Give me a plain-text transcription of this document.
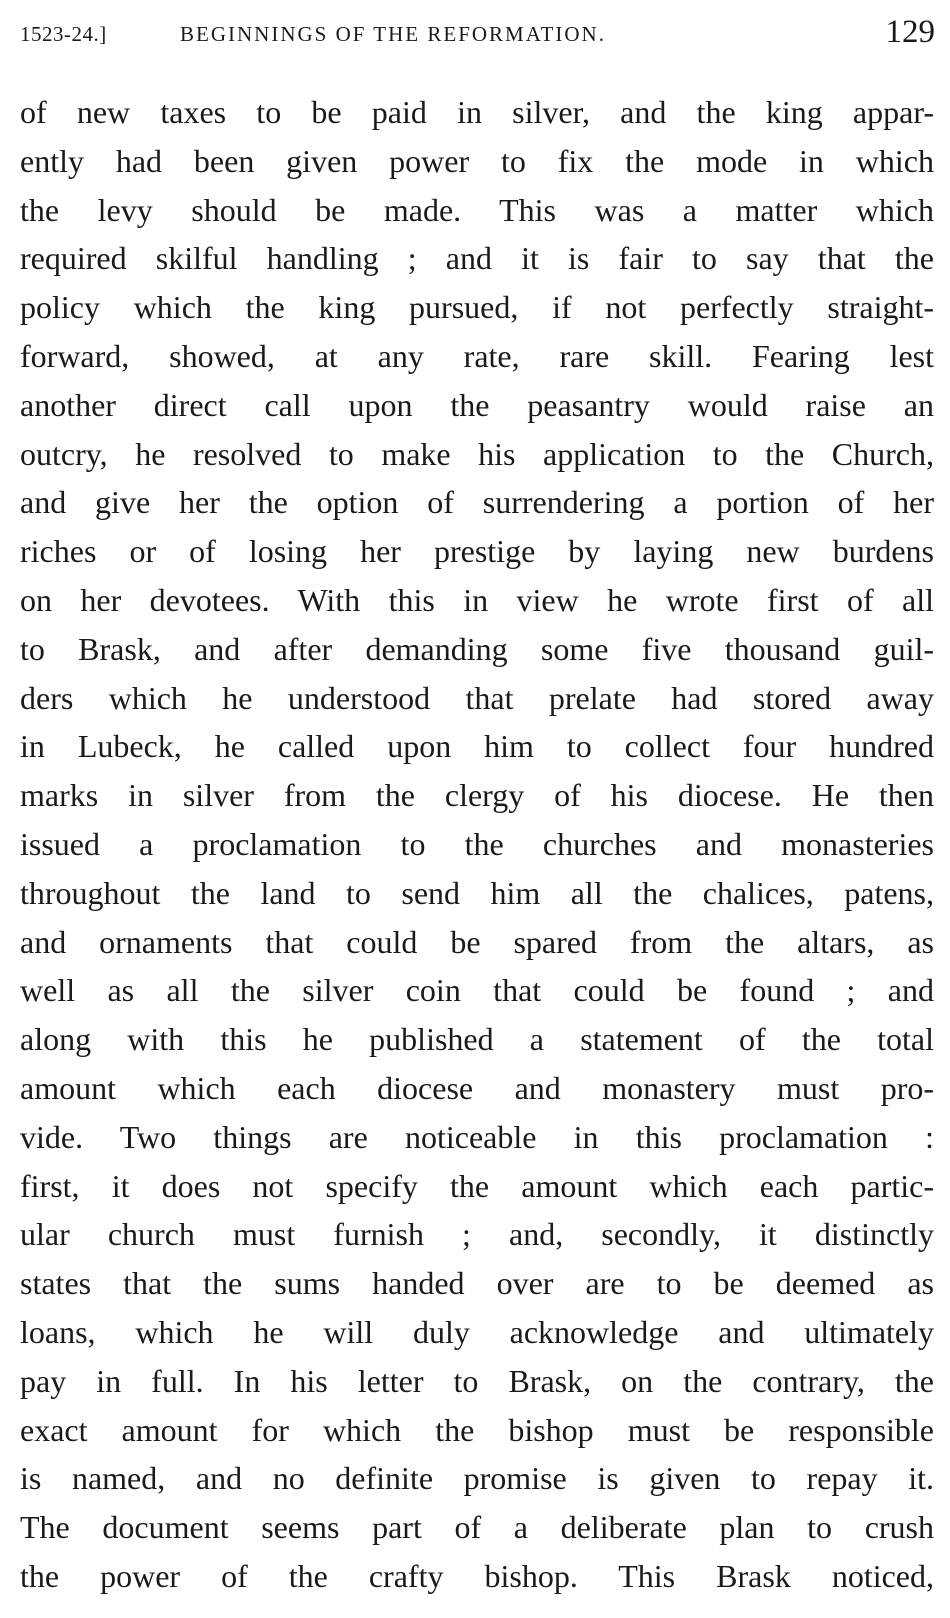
1523-24.]	BEGINNINGS OF THE REFORMATION.	129
of new taxes to be paid in silver, and the king appar-
ently had been given power to fix the mode in which
the levy should be made. This was a matter which
required skilful handling ; and it is fair to say that the
policy which the king pursued, if not perfectly straight-
forward, showed, at any rate, rare skill. Fearing lest
another direct call upon the peasantry would raise an
outcry, he resolved to make his application to the Church,
and give her the option of surrendering a portion of her
riches or of losing her prestige by laying new burdens
on her devotees. With this in view he wrote first of all
to Brask, and after demanding some five thousand guil-
ders which he understood that prelate had stored away
in Lubeck, he called upon him to collect four hundred
marks in silver from the clergy of his diocese. He then
issued a proclamation to the churches and monasteries
throughout the land to send him all the chalices, patens,
and ornaments that could be spared from the altars, as
well as all the silver coin that could be found ; and
along with this he published a statement of the total
amount which each diocese and monastery must pro-
vide. Two things are noticeable in this proclamation :
first, it does not specify the amount which each partic-
ular church must furnish ; and, secondly, it distinctly
states that the sums handed over are to be deemed as
loans, which he will duly acknowledge and ultimately
pay in full. In his letter to Brask, on the contrary, the
exact amount for which the bishop must be responsible
is named, and no definite promise is given to repay it.
The document seems part of a deliberate plan to crush
the power of the crafty bishop. This Brask noticed,
